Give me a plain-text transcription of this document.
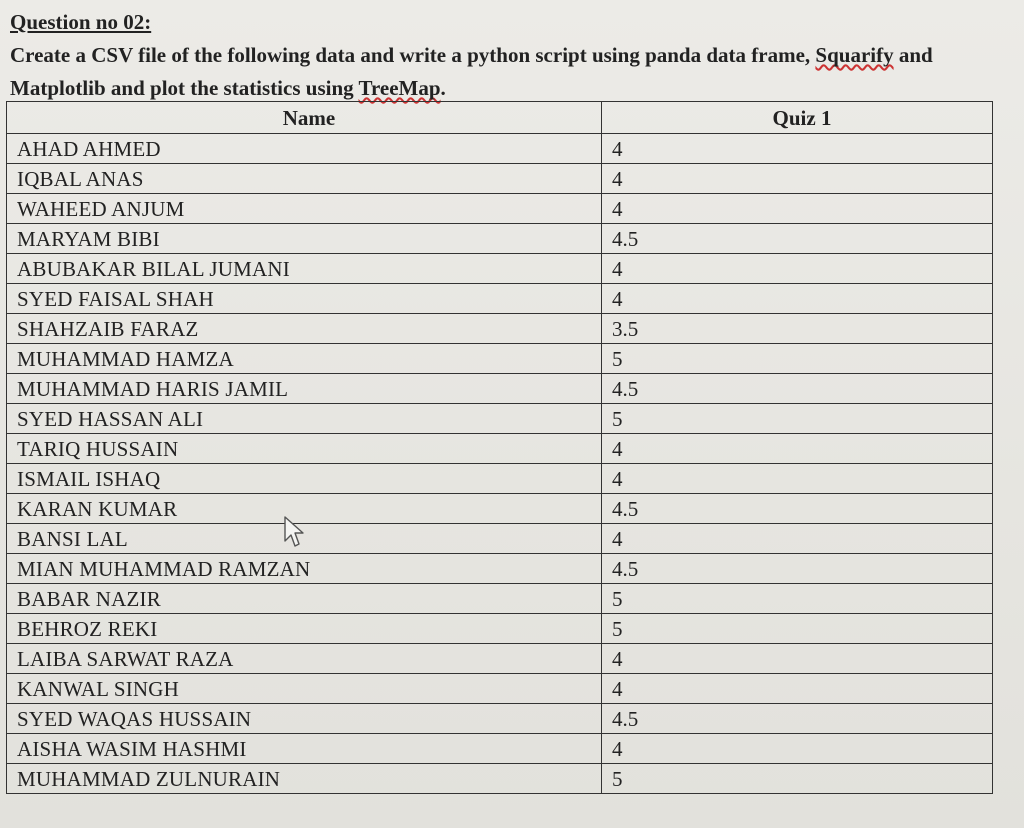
Question no 02:
Create a CSV file of the following data and write a python script using panda data frame, Squarify and
Matplotlib and plot the statistics using TreeMap.
Name	Quiz 1
AHAD AHMED	4
IQBAL ANAS	4
WAHEED ANJUM	4
MARYAM BIBI	4.5
ABUBAKAR BILAL JUMANI	4
SYED FAISAL SHAH	4
SHAHZAIB FARAZ	3.5
MUHAMMAD HAMZA	5
MUHAMMAD HARIS JAMIL	4.5
SYED HASSAN ALI	5
TARIQ HUSSAIN	4
ISMAIL ISHAQ	4
KARAN KUMAR	4.5
BANSI LAL	4
MIAN MUHAMMAD RAMZAN	4.5
BABAR NAZIR	5
BEHROZ REKI	5
LAIBA SARWAT RAZA	4
KANWAL SINGH	4
SYED WAQAS HUSSAIN	4.5
AISHA WASIM HASHMI	4
MUHAMMAD ZULNURAIN	5
